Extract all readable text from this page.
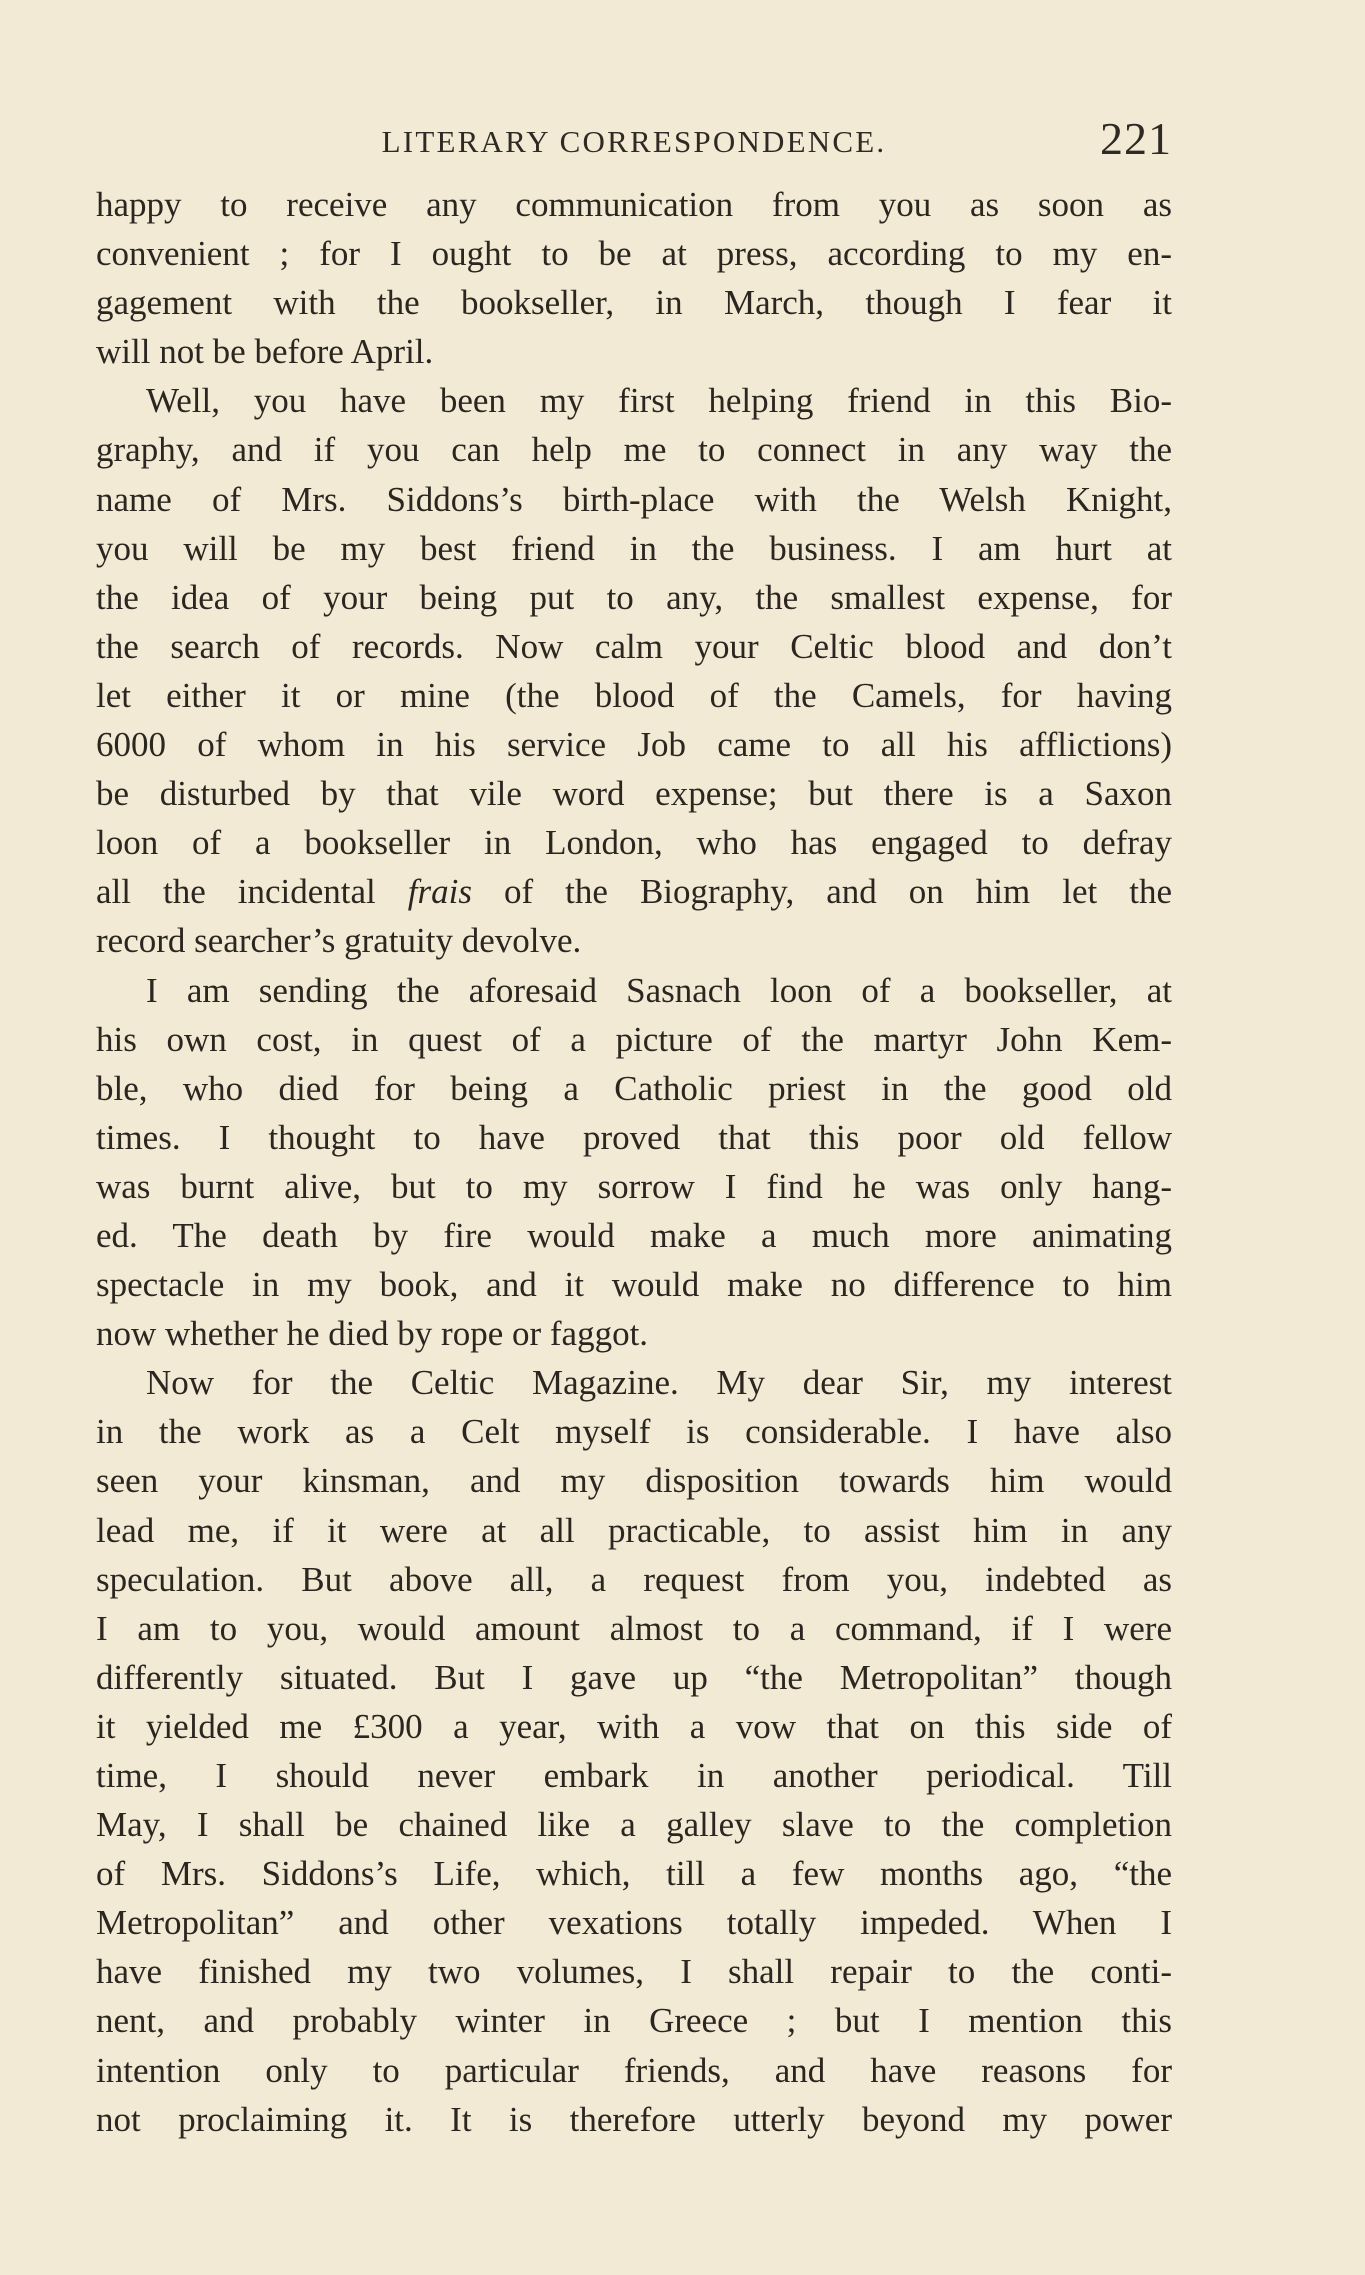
LITERARY CORRESPONDENCE.	221
happy to receive any communication from you as soon as
convenient ; for I ought to be at press, according to my en-
gagement with the bookseller, in March, though I fear it
will not be before April.
Well, you have been my first helping friend in this Bio-
graphy, and if you can help me to connect in any way the
name of Mrs. Siddons’s birth-place with the Welsh Knight,
you will be my best friend in the business. I am hurt at
the idea of your being put to any, the smallest expense, for
the search of records. Now calm your Celtic blood and don’t
let either it or mine (the blood of the Camels, for having
6000 of whom in his service Job came to all his afflictions)
be disturbed by that vile word expense; but there is a Saxon
loon of a bookseller in London, who has engaged to defray
all the incidental frais of the Biography, and on him let the
record searcher’s gratuity devolve.
I am sending the aforesaid Sasnach loon of a bookseller, at
his own cost, in quest of a picture of the martyr John Kem-
ble, who died for being a Catholic priest in the good old
times. I thought to have proved that this poor old fellow
was burnt alive, but to my sorrow I find he was only hang-
ed. The death by fire would make a much more animating
spectacle in my book, and it would make no difference to him
now whether he died by rope or faggot.
Now for the Celtic Magazine. My dear Sir, my interest
in the work as a Celt myself is considerable. I have also
seen your kinsman, and my disposition towards him would
lead me, if it were at all practicable, to assist him in any
speculation. But above all, a request from you, indebted as
I am to you, would amount almost to a command, if I were
differently situated. But I gave up “the Metropolitan” though
it yielded me £300 a year, with a vow that on this side of
time, I should never embark in another periodical. Till
May, I shall be chained like a galley slave to the completion
of Mrs. Siddons’s Life, which, till a few months ago, “the
Metropolitan” and other vexations totally impeded. When I
have finished my two volumes, I shall repair to the conti-
nent, and probably winter in Greece ; but I mention this
intention only to particular friends, and have reasons for
not proclaiming it. It is therefore utterly beyond my power
